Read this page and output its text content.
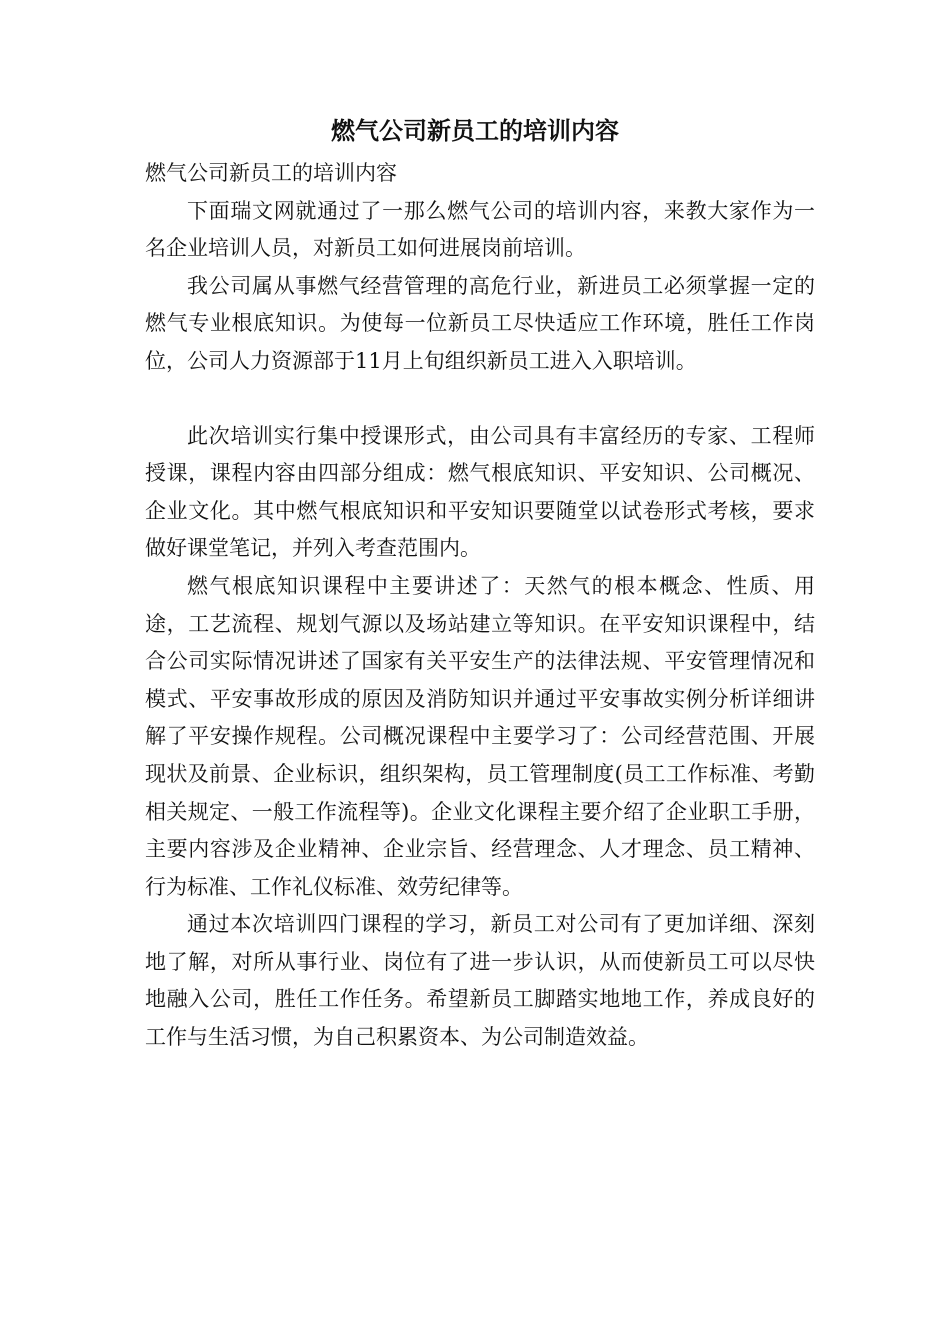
燃气公司新员工的培训内容

燃气公司新员工的培训内容

下面瑞文网就通过了一那么燃气公司的培训内容，来教大家作为一名企业培训人员，对新员工如何进展岗前培训。

我公司属从事燃气经营管理的高危行业，新进员工必须掌握一定的燃气专业根底知识。为使每一位新员工尽快适应工作环境，胜任工作岗位，公司人力资源部于11月上旬组织新员工进入入职培训。

此次培训实行集中授课形式，由公司具有丰富经历的专家、工程师授课，课程内容由四部分组成：燃气根底知识、平安知识、公司概况、企业文化。其中燃气根底知识和平安知识要随堂以试卷形式考核，要求做好课堂笔记，并列入考查范围内。

燃气根底知识课程中主要讲述了：天然气的根本概念、性质、用途，工艺流程、规划气源以及场站建立等知识。在平安知识课程中，结合公司实际情况讲述了国家有关平安生产的法律法规、平安管理情况和模式、平安事故形成的原因及消防知识并通过平安事故实例分析详细讲解了平安操作规程。公司概况课程中主要学习了：公司经营范围、开展现状及前景、企业标识，组织架构，员工管理制度(员工工作标准、考勤相关规定、一般工作流程等)。企业文化课程主要介绍了企业职工手册，主要内容涉及企业精神、企业宗旨、经营理念、人才理念、员工精神、行为标准、工作礼仪标准、效劳纪律等。

通过本次培训四门课程的学习，新员工对公司有了更加详细、深刻地了解，对所从事行业、岗位有了进一步认识，从而使新员工可以尽快地融入公司，胜任工作任务。希望新员工脚踏实地地工作，养成良好的工作与生活习惯，为自己积累资本、为公司制造效益。
